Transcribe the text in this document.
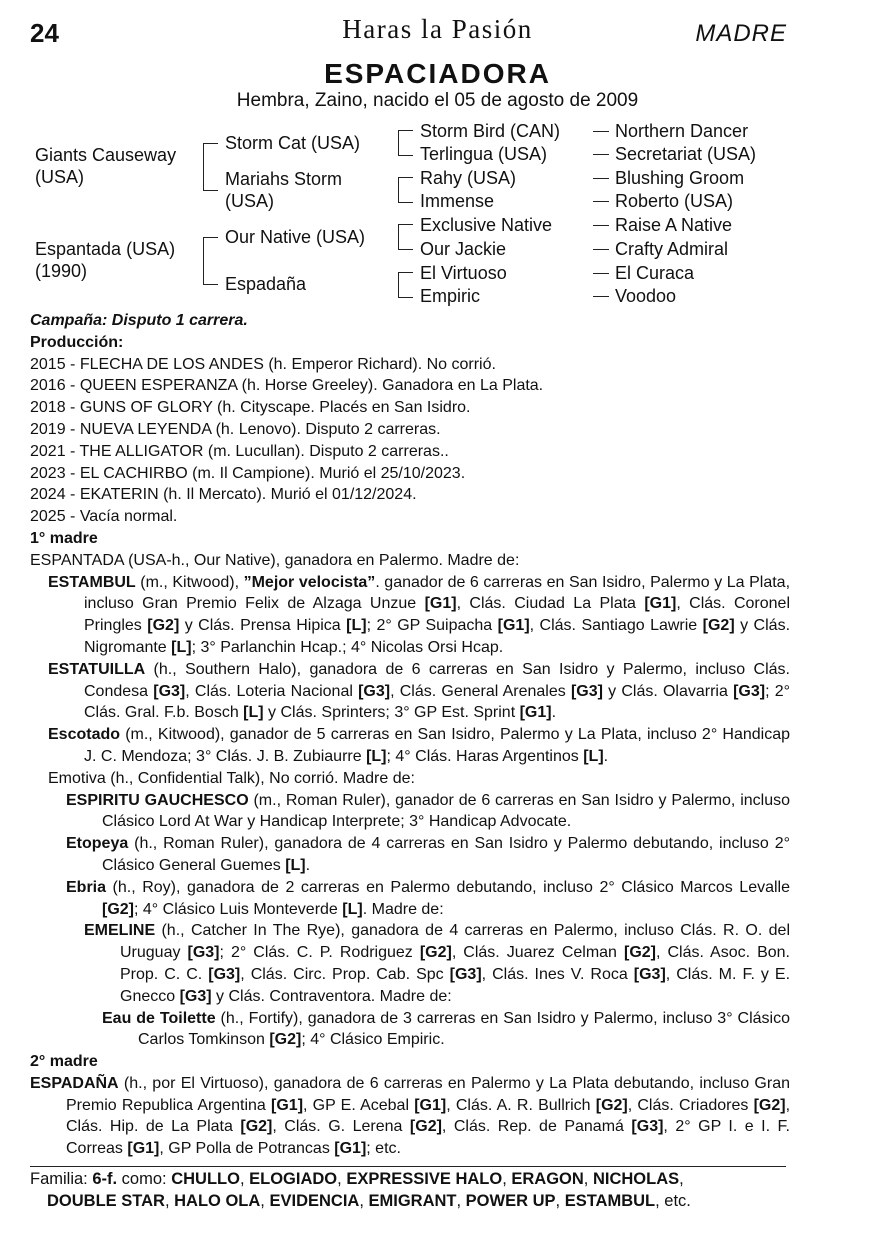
24	Haras la Pasión	MADRE
ESPACIADORA
Hembra, Zaino, nacido el 05 de agosto de 2009
Giants Causeway (USA)
Espantada (USA) (1990)
Storm Cat (USA)
Mariahs Storm (USA)
Our Native (USA)
Espadaña
Storm Bird (CAN)
Terlingua (USA)
Rahy (USA)
Immense
Exclusive Native
Our Jackie
El Virtuoso
Empiric
Northern Dancer
Secretariat (USA)
Blushing Groom
Roberto (USA)
Raise A Native
Crafty Admiral
El Curaca
Voodoo
Campaña: Disputo 1 carrera.
Producción:
2015 - FLECHA DE LOS ANDES (h. Emperor Richard). No corrió.
2016 - QUEEN ESPERANZA (h. Horse Greeley). Ganadora en La Plata.
2018 - GUNS OF GLORY (h. Cityscape. Placés en San Isidro.
2019 - NUEVA LEYENDA (h. Lenovo). Disputo 2 carreras.
2021 - THE ALLIGATOR (m. Lucullan). Disputo 2 carreras..
2023 - EL CACHIRBO (m. Il Campione). Murió el 25/10/2023.
2024 - EKATERIN (h. Il Mercato). Murió el 01/12/2024.
2025 - Vacía normal.
1° madre
ESPANTADA (USA-h., Our Native), ganadora en Palermo. Madre de:
ESTAMBUL (m., Kitwood), ”Mejor velocista”. ganador de 6 carreras en San Isidro, Palermo y La Plata, incluso Gran Premio Felix de Alzaga Unzue [G1], Clás. Ciudad La Plata [G1], Clás. Coronel Pringles [G2] y Clás. Prensa Hipica [L]; 2° GP Suipacha [G1], Clás. Santiago Lawrie [G2] y Clás. Nigromante [L]; 3° Parlanchin Hcap.; 4° Nicolas Orsi Hcap.
ESTATUILLA (h., Southern Halo), ganadora de 6 carreras en San Isidro y Palermo, incluso Clás. Condesa [G3], Clás. Loteria Nacional [G3], Clás. General Arenales [G3] y Clás. Olavarria [G3]; 2° Clás. Gral. F.b. Bosch [L] y Clás. Sprinters; 3° GP Est. Sprint [G1].
Escotado (m., Kitwood), ganador de 5 carreras en San Isidro, Palermo y La Plata, incluso 2° Handicap J. C. Mendoza; 3° Clás. J. B. Zubiaurre [L]; 4° Clás. Haras Argentinos [L].
Emotiva (h., Confidential Talk), No corrió. Madre de:
ESPIRITU GAUCHESCO (m., Roman Ruler), ganador de 6 carreras en San Isidro y Palermo, incluso Clásico Lord At War y Handicap Interprete; 3° Handicap Advocate.
Etopeya (h., Roman Ruler), ganadora de 4 carreras en San Isidro y Palermo debutando, incluso 2° Clásico General Guemes [L].
Ebria (h., Roy), ganadora de 2 carreras en Palermo debutando, incluso 2° Clásico Marcos Levalle [G2]; 4° Clásico Luis Monteverde [L]. Madre de:
EMELINE (h., Catcher In The Rye), ganadora de 4 carreras en Palermo, incluso Clás. R. O. del Uruguay [G3]; 2° Clás. C. P. Rodriguez [G2], Clás. Juarez Celman [G2], Clás. Asoc. Bon. Prop. C. C. [G3], Clás. Circ. Prop. Cab. Spc [G3], Clás. Ines V. Roca [G3], Clás. M. F. y E. Gnecco [G3] y Clás. Contraventora. Madre de:
Eau de Toilette (h., Fortify), ganadora de 3 carreras en San Isidro y Palermo, incluso 3° Clásico Carlos Tomkinson [G2]; 4° Clásico Empiric.
2° madre
ESPADAÑA (h., por El Virtuoso), ganadora de 6 carreras en Palermo y La Plata debutando, incluso Gran Premio Republica Argentina [G1], GP E. Acebal [G1], Clás. A. R. Bullrich [G2], Clás. Criadores [G2], Clás. Hip. de La Plata [G2], Clás. G. Lerena [G2], Clás. Rep. de Panamá [G3], 2° GP I. e I. F. Correas [G1], GP Polla de Potrancas [G1]; etc.
Familia: 6-f. como: CHULLO, ELOGIADO, EXPRESSIVE HALO, ERAGON, NICHOLAS,
DOUBLE STAR, HALO OLA, EVIDENCIA, EMIGRANT, POWER UP, ESTAMBUL, etc.
